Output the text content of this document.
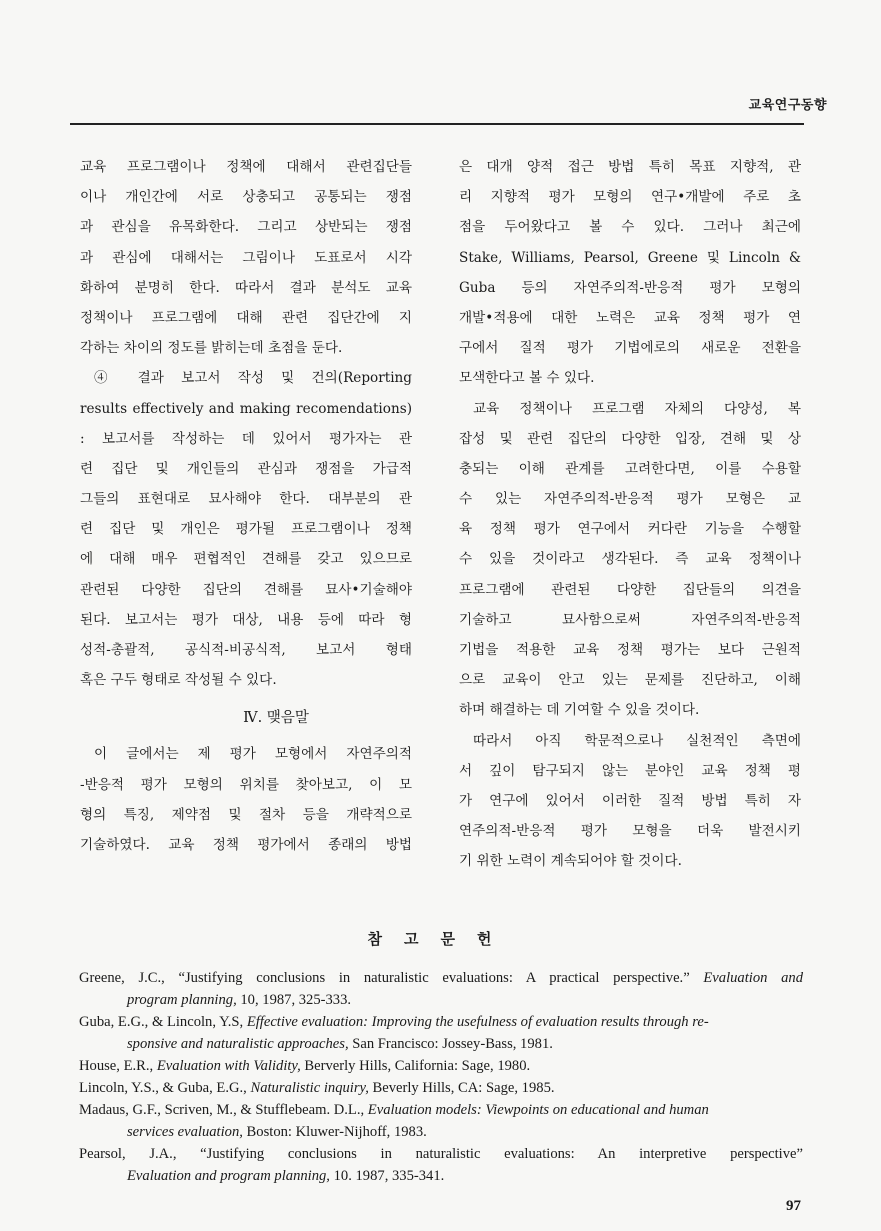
교육연구동향
교육 프로그램이나 정책에 대해서 관련집단들
이나 개인간에 서로 상충되고 공통되는 쟁점
과 관심을 유목화한다. 그리고 상반되는 쟁점
과 관심에 대해서는 그림이나 도표로서 시각
화하여 분명히 한다. 따라서 결과 분석도 교육
정책이나 프로그램에 대해 관련 집단간에 지
각하는 차이의 정도를 밝히는데 초점을 둔다.
④ 결과 보고서 작성 및 건의(Reporting
results effectively and making recomendations)
: 보고서를 작성하는 데 있어서 평가자는 관
련 집단 및 개인들의 관심과 쟁점을 가급적
그들의 표현대로 묘사해야 한다. 대부분의 관
련 집단 및 개인은 평가될 프로그램이나 정책
에 대해 매우 편협적인 견해를 갖고 있으므로
관련된 다양한 집단의 견해를 묘사•기술해야
된다. 보고서는 평가 대상, 내용 등에 따라 형
성적-총괄적, 공식적-비공식적, 보고서 형태
혹은 구두 형태로 작성될 수 있다.
Ⅳ. 맺음말
이 글에서는 제 평가 모형에서 자연주의적
-반응적 평가 모형의 위치를 찾아보고, 이 모
형의 특징, 제약점 및 절차 등을 개략적으로
기술하였다. 교육 정책 평가에서 종래의 방법
은 대개 양적 접근 방법 특히 목표 지향적, 관
리 지향적 평가 모형의 연구•개발에 주로 초
점을 두어왔다고 볼 수 있다. 그러나 최근에
Stake, Williams, Pearsol, Greene 및 Lincoln &
Guba 등의 자연주의적-반응적 평가 모형의
개발•적용에 대한 노력은 교육 정책 평가 연
구에서 질적 평가 기법에로의 새로운 전환을
모색한다고 볼 수 있다.
교육 정책이나 프로그램 자체의 다양성, 복
잡성 및 관련 집단의 다양한 입장, 견해 및 상
충되는 이해 관계를 고려한다면, 이를 수용할
수 있는 자연주의적-반응적 평가 모형은 교
육 정책 평가 연구에서 커다란 기능을 수행할
수 있을 것이라고 생각된다. 즉 교육 정책이나
프로그램에 관련된 다양한 집단들의 의견을
기술하고 묘사함으로써 자연주의적-반응적
기법을 적용한 교육 정책 평가는 보다 근원적
으로 교육이 안고 있는 문제를 진단하고, 이해
하며 해결하는 데 기여할 수 있을 것이다.
따라서 아직 학문적으로나 실천적인 측면에
서 깊이 탐구되지 않는 분야인 교육 정책 평
가 연구에 있어서 이러한 질적 방법 특히 자
연주의적-반응적 평가 모형을 더욱 발전시키
기 위한 노력이 계속되어야 할 것이다.
참고문헌
Greene, J.C., “Justifying conclusions in naturalistic evaluations: A practical perspective.” Evaluation and
program planning, 10, 1987, 325-333.
Guba, E.G., & Lincoln, Y.S, Effective evaluation: Improving the usefulness of evaluation results through re-
sponsive and naturalistic approaches, San Francisco: Jossey-Bass, 1981.
House, E.R., Evaluation with Validity, Berverly Hills, California: Sage, 1980.
Lincoln, Y.S., & Guba, E.G., Naturalistic inquiry, Beverly Hills, CA: Sage, 1985.
Madaus, G.F., Scriven, M., & Stufflebeam. D.L., Evaluation models: Viewpoints on educational and human
services evaluation, Boston: Kluwer-Nijhoff, 1983.
Pearsol, J.A., “Justifying conclusions in naturalistic evaluations: An interpretive perspective”
Evaluation and program planning, 10. 1987, 335-341.
97
